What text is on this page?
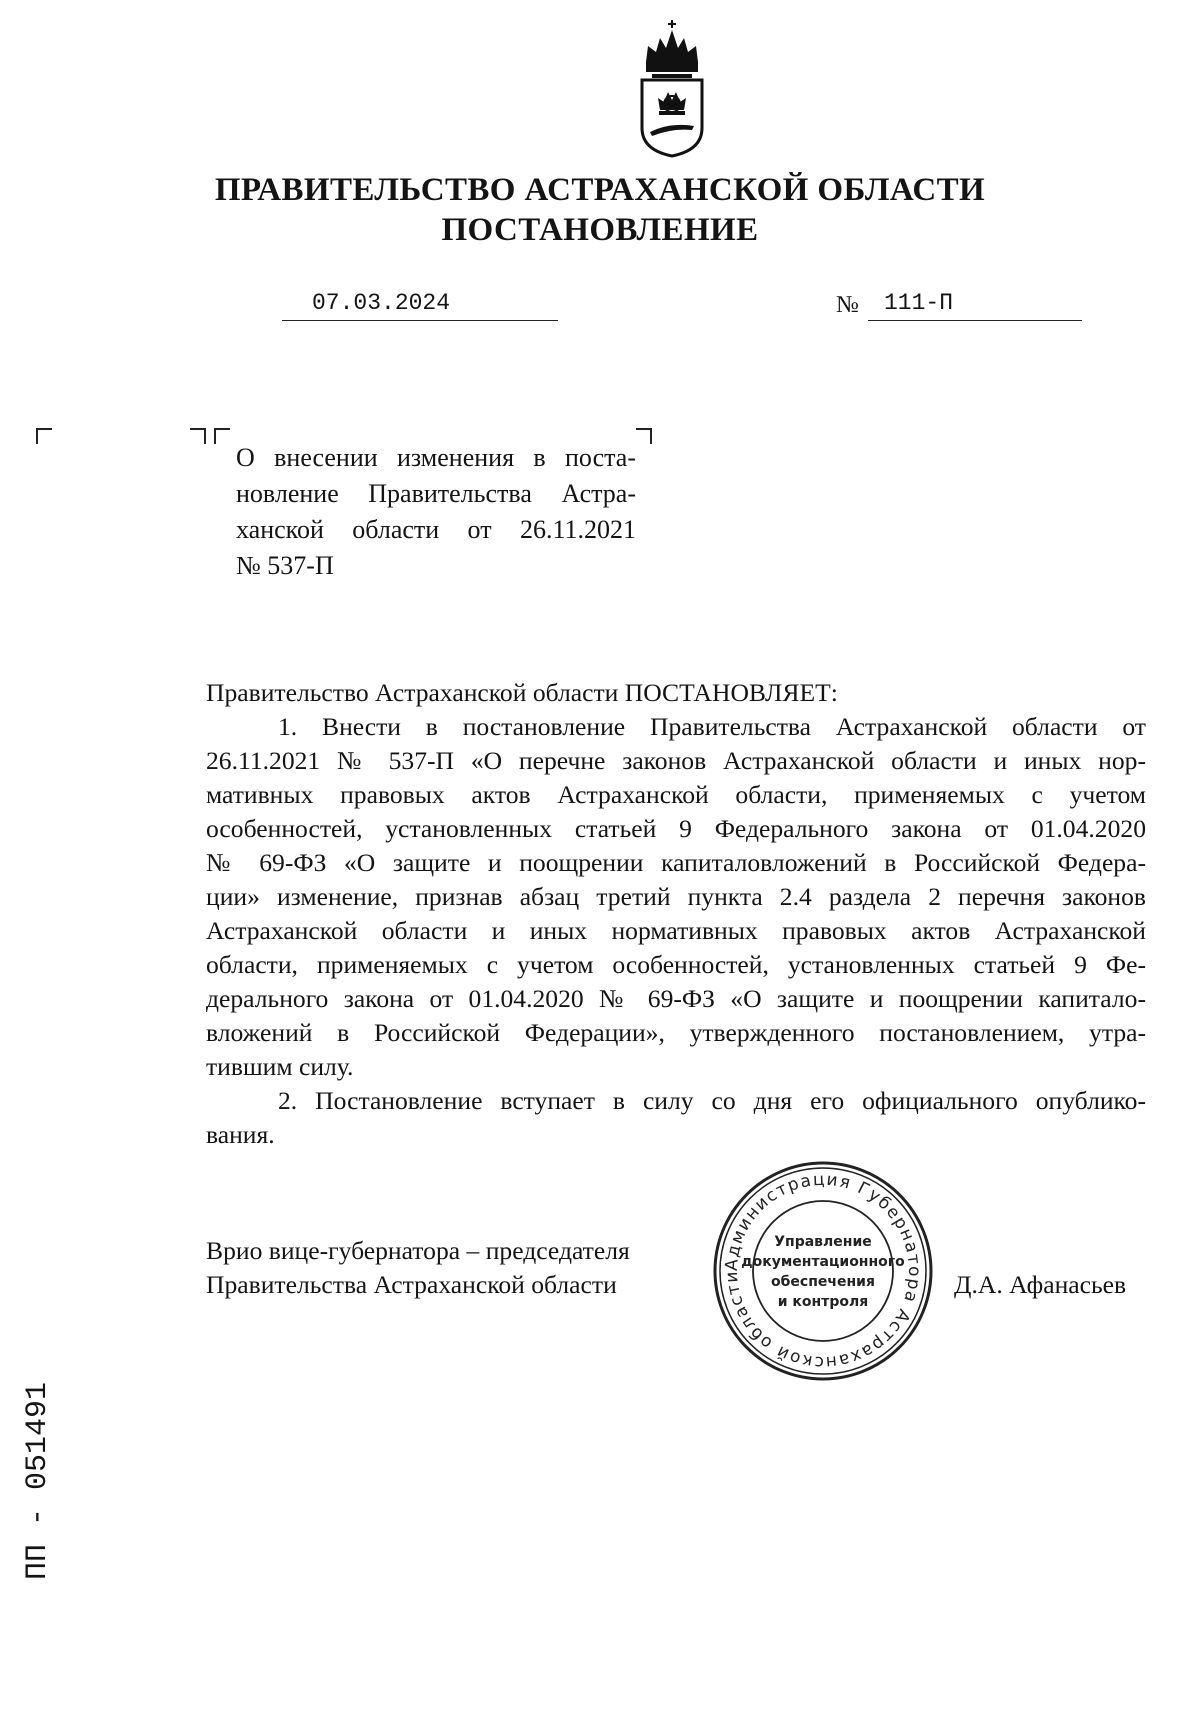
ПРАВИТЕЛЬСТВО АСТРАХАНСКОЙ ОБЛАСТИ
ПОСТАНОВЛЕНИЕ
07.03.2024	№ 111-П
О внесении изменения в поста-
новление Правительства Астра-
ханской области от 26.11.2021
№ 537-П
Правительство Астраханской области ПОСТАНОВЛЯЕТ:
1. Внести в постановление Правительства Астраханской области от
26.11.2021 № 537-П «О перечне законов Астраханской области и иных нор-
мативных правовых актов Астраханской области, применяемых с учетом
особенностей, установленных статьей 9 Федерального закона от 01.04.2020
№ 69-ФЗ «О защите и поощрении капиталовложений в Российской Федера-
ции» изменение, признав абзац третий пункта 2.4 раздела 2 перечня законов
Астраханской области и иных нормативных правовых актов Астраханской
области, применяемых с учетом особенностей, установленных статьей 9 Фе-
дерального закона от 01.04.2020 № 69-ФЗ «О защите и поощрении капитало-
вложений в Российской Федерации», утвержденного постановлением, утра-
тившим силу.
2. Постановление вступает в силу со дня его официального опублико-
вания.
Врио вице-губернатора – председателя
Правительства Астраханской области	Д.А. Афанасьев
Администрация Губернатора Астраханской области
Управление
документационного
обеспечения
и контроля
ПП - 051491
